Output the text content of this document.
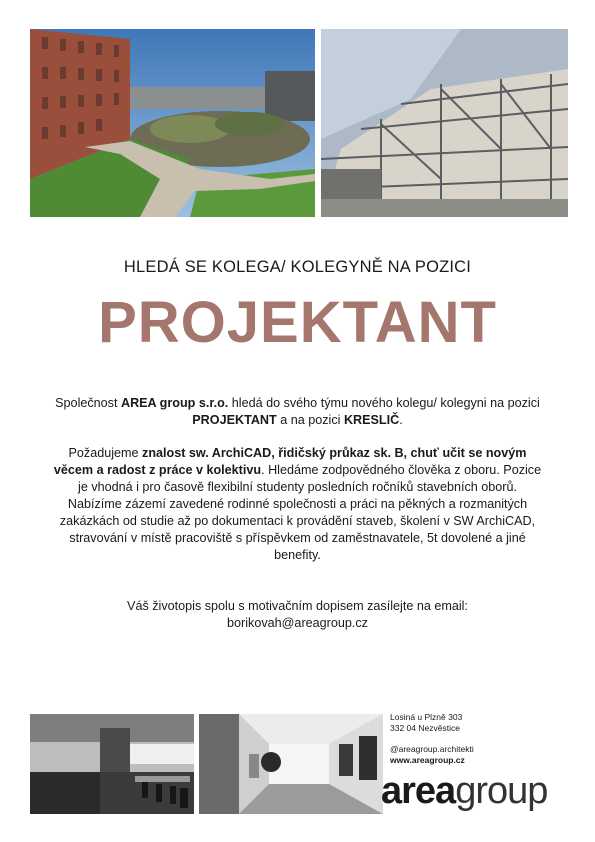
HLEDÁ SE KOLEGA/ KOLEGYNĚ NA POZICI
PROJEKTANT

Společnost AREA group s.r.o. hledá do svého týmu nového kolegu/ kolegyni na pozici PROJEKTANT a na pozici KRESLIČ.

Požadujeme znalost sw. ArchiCAD, řidičský průkaz sk. B, chuť učit se novým věcem a radost z práce v kolektivu. Hledáme zodpovědného člověka z oboru. Pozice je vhodná i pro časově flexibilní studenty posledních ročníků stavebních oborů. Nabízíme zázemí zavedené rodinné společnosti a práci na pěkných a rozmanitých zakázkách od studie až po dokumentaci k provádění staveb, školení v SW ArchiCAD, stravování v místě pracoviště s příspěvkem od zaměstnavatele, 5t dovolené a jiné benefity.

Váš životopis spolu s motivačním dopisem zasílejte na email:
borikovah@areagroup.cz

Losiná u Plzně 303
332 04 Nezvěstice
@areagroup.architekti
www.areagroup.cz
areagroup
